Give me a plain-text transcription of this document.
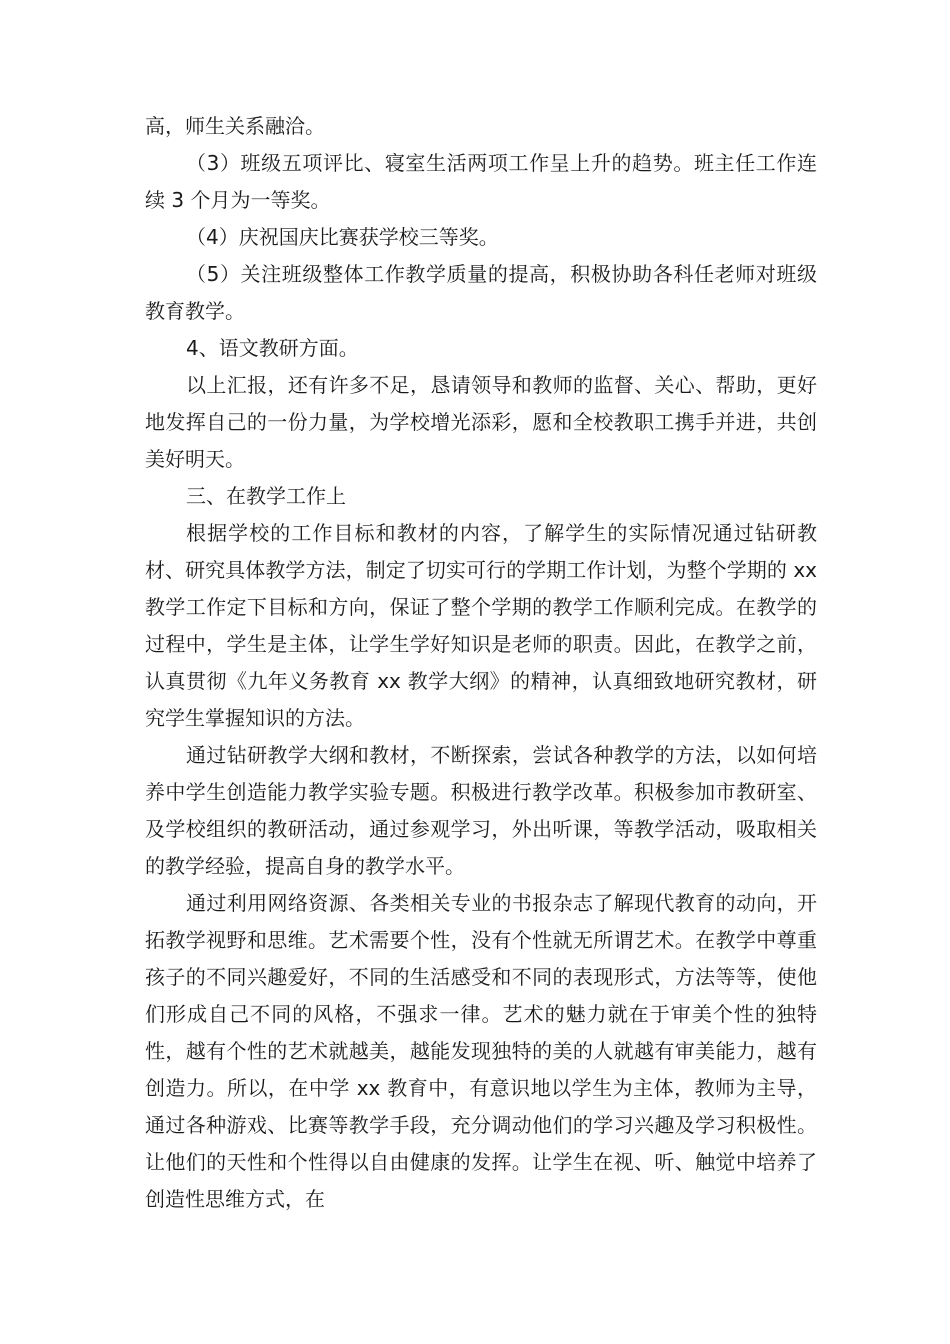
高，师生关系融洽。

（3）班级五项评比、寝室生活两项工作呈上升的趋势。班主任工作连续 3 个月为一等奖。

（4）庆祝国庆比赛获学校三等奖。

（5）关注班级整体工作教学质量的提高，积极协助各科任老师对班级教育教学。

4、语文教研方面。

以上汇报，还有许多不足，恳请领导和教师的监督、关心、帮助，更好地发挥自己的一份力量，为学校增光添彩，愿和全校教职工携手并进，共创美好明天。

三、在教学工作上

根据学校的工作目标和教材的内容，了解学生的实际情况通过钻研教材、研究具体教学方法，制定了切实可行的学期工作计划，为整个学期的 xx 教学工作定下目标和方向，保证了整个学期的教学工作顺利完成。在教学的过程中，学生是主体，让学生学好知识是老师的职责。因此，在教学之前，认真贯彻《九年义务教育 xx 教学大纲》的精神，认真细致地研究教材，研究学生掌握知识的方法。

通过钻研教学大纲和教材，不断探索，尝试各种教学的方法，以如何培养中学生创造能力教学实验专题。积极进行教学改革。积极参加市教研室、及学校组织的教研活动，通过参观学习，外出听课，等教学活动，吸取相关的教学经验，提高自身的教学水平。

通过利用网络资源、各类相关专业的书报杂志了解现代教育的动向，开拓教学视野和思维。艺术需要个性，没有个性就无所谓艺术。在教学中尊重孩子的不同兴趣爱好，不同的生活感受和不同的表现形式，方法等等，使他们形成自己不同的风格，不强求一律。艺术的魅力就在于审美个性的独特性，越有个性的艺术就越美，越能发现独特的美的人就越有审美能力，越有创造力。所以，在中学 xx 教育中，有意识地以学生为主体，教师为主导，通过各种游戏、比赛等教学手段，充分调动他们的学习兴趣及学习积极性。让他们的天性和个性得以自由健康的发挥。让学生在视、听、触觉中培养了创造性思维方式，在
